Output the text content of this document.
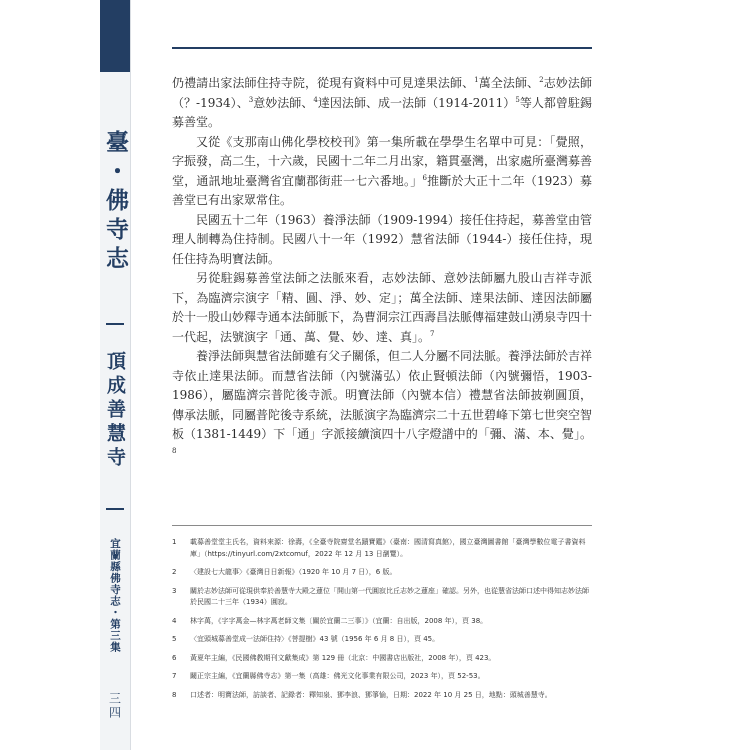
臺・佛寺志
頂成善慧寺
宜蘭縣佛寺志・第三集
三四

仍禮請出家法師住持寺院，從現有資料中可見達果法師、$^1$萬全法師、$^2$志妙法師（？-1934）、$^3$意妙法師、$^4$達因法師、成一法師（1914-2011）$^5$等人都曾駐錫募善堂。

又從《支那南山佛化學校校刊》第一集所載在學學生名單中可見：「覺照，字振發，高二生，十六歲，民國十二年二月出家，籍貫臺灣，出家處所臺灣募善堂，通訊地址臺灣省宜蘭郡街莊一七六番地。」$^6$推斷於大正十二年（1923）募善堂已有出家眾常住。

民國五十二年（1963）養淨法師（1909-1994）接任住持起，募善堂由管理人制轉為住持制。民國八十一年（1992）慧省法師（1944-）接任住持，現任住持為明寶法師。

另從駐錫募善堂法師之法脈來看，志妙法師、意妙法師屬九股山吉祥寺派下，為臨濟宗演字「精、圓、淨、妙、定」；萬全法師、達果法師、達因法師屬於十一股山妙釋寺通本法師脈下，為曹洞宗江西壽昌法脈傳福建鼓山湧泉寺四十一代起，法號演字「通、萬、覺、妙、達、真」。$^7$

養淨法師與慧省法師雖有父子關係，但二人分屬不同法脈。養淨法師於吉祥寺依止達果法師。而慧省法師（內號滿弘）依止賢頓法師（內號彌悟，1903-1986），屬臨濟宗普陀後寺派。明寶法師（內號本信）禮慧省法師披剃圓頂，傳承法脈，同屬普陀後寺系統，法脈演字為臨濟宗二十五世碧峰下第七世突空智板（1381-1449）下「通」字派接續演四十八字燈譜中的「彌、滿、本、覺」。$^8$

1	載募善堂堂主氏名，資料來源：徐壽，《全臺寺院齋堂名蹟寶鑑》（臺南：國清寫真館），國立臺灣圖書館「臺灣學數位電子書資料庫」（https://tinyurl.com/2xtcomuf，2022 年 12 月 13 日瀏覽）。
2	〈建設七大龍事〉《臺灣日日新報》（1920 年 10 月 7 日），6 版。
3	關於志妙法師可從現供奉於善慧寺大殿之蓮位「開山第一代圓寂比丘志妙之蓮座」確認。另外，也從慧省法師口述中得知志妙法師於民國二十三年（1934）圓寂。
4	林字萬，《字字萬金—林字萬老師文集〔關於宜蘭二三事〕》（宜蘭：自出版，2008 年），頁 38。
5	〈宜頭城募善堂成一法師住持〉《菩提樹》43 號（1956 年 6 月 8 日），頁 45。
6	黃夏年主編，《民國佛教期刊文獻集成》第 129 冊（北京：中國書店出版社，2008 年），頁 423。
7	闞正宗主編，《宜蘭縣佛寺志》第一集（高雄：佛光文化事業有限公司，2023 年），頁 52-53。
8	口述者：明寶法師，訪談者、記錄者：釋知泉、鄧李浪、鄧箏愉，日期：2022 年 10 月 25 日，地點：頭城善慧寺。
